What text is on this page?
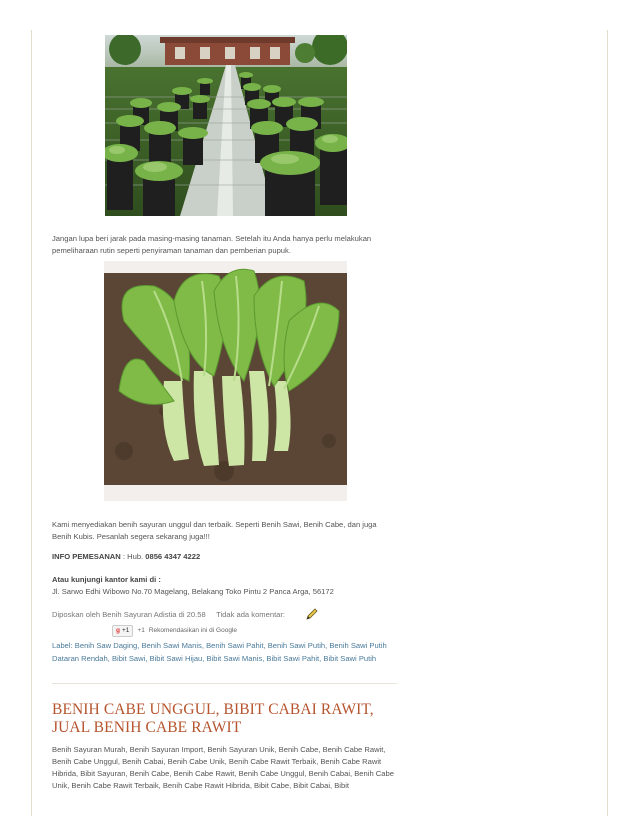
Jangan lupa beri jarak pada masing-masing tanaman. Setelah itu Anda hanya perlu melakukan pemeliharaan rutin seperti penyiraman tanaman dan pemberian pupuk.

Kami menyediakan benih sayuran unggul dan terbaik. Seperti Benih Sawi, Benih Cabe, dan juga Benih Kubis. Pesanlah segera sekarang juga!!!

INFO PEMESANAN : Hub. 0856 4347 4222
Atau kunjungi kantor kami di :
Jl. Sarwo Edhi Wibowo No.70 Magelang, Belakang Toko Pintu 2 Panca Arga, 56172
Diposkan oleh Benih Sayuran Adistia di 20.58 Tidak ada komentar:
g +1 +1 Rekomendasikan ini di Google
Label: Benih Saw Daging, Benih Sawi Manis, Benih Sawi Pahit, Benih Sawi Putih, Benih Sawi Putih Dataran Rendah, Bibit Sawi, Bibit Sawi Hijau, Bibit Sawi Manis, Bibit Sawi Pahit, Bibit Sawi Putih
BENIH CABE UNGGUL, BIBIT CABAI RAWIT, JUAL BENIH CABE RAWIT

Benih Sayuran Murah, Benih Sayuran Import, Benih Sayuran Unik, Benih Cabe, Benih Cabe Rawit, Benih Cabe Unggul, Benih Cabai, Benih Cabe Unik, Benih Cabe Rawit Terbaik, Benih Cabe Rawit Hibrida, Bibit Sayuran, Benih Cabe, Benih Cabe Rawit, Benih Cabe Unggul, Benih Cabai, Benih Cabe Unik, Benih Cabe Rawit Terbaik, Benih Cabe Rawit Hibrida, Bibit Cabe, Bibit Cabai, Bibit
